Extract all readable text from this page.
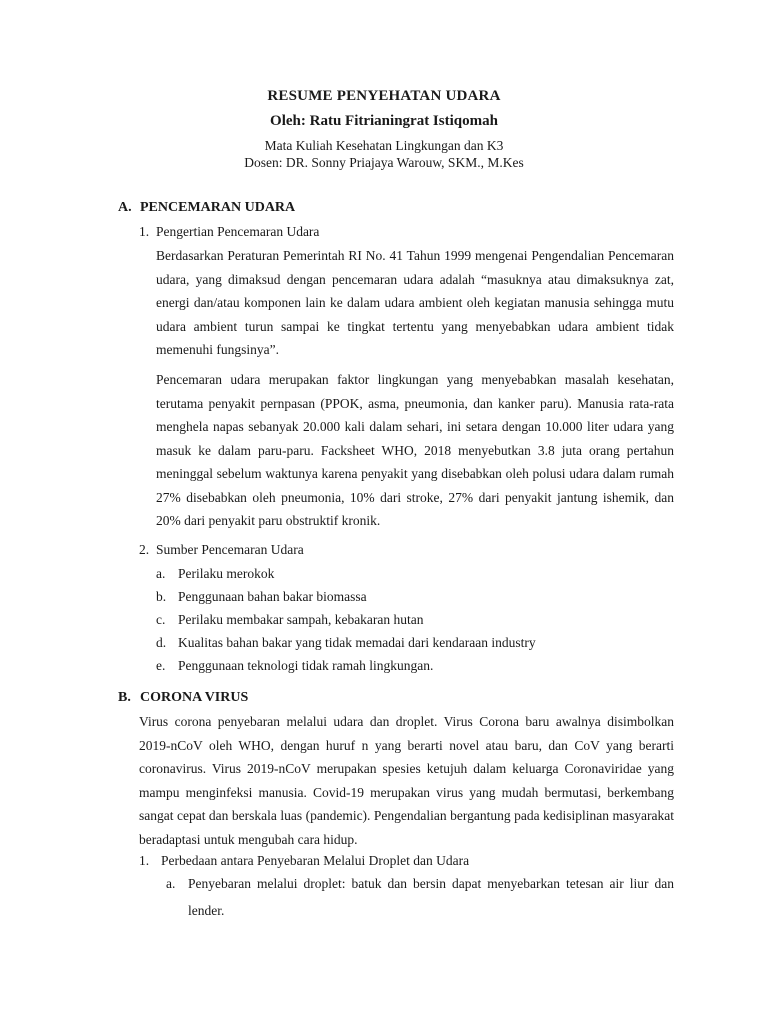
RESUME PENYEHATAN UDARA
Oleh: Ratu Fitrianingrat Istiqomah
Mata Kuliah Kesehatan Lingkungan dan K3
Dosen: DR. Sonny Priajaya Warouw, SKM., M.Kes
A. PENCEMARAN UDARA
1. Pengertian Pencemaran Udara

Berdasarkan Peraturan Pemerintah RI No. 41 Tahun 1999 mengenai Pengendalian Pencemaran udara, yang dimaksud dengan pencemaran udara adalah “masuknya atau dimaksuknya zat, energi dan/atau komponen lain ke dalam udara ambient oleh kegiatan manusia sehingga mutu udara ambient turun sampai ke tingkat tertentu yang menyebabkan udara ambient tidak memenuhi fungsinya”.

Pencemaran udara merupakan faktor lingkungan yang menyebabkan masalah kesehatan, terutama penyakit pernpasan (PPOK, asma, pneumonia, dan kanker paru). Manusia rata-rata menghela napas sebanyak 20.000 kali dalam sehari, ini setara dengan 10.000 liter udara yang masuk ke dalam paru-paru. Facksheet WHO, 2018 menyebutkan 3.8 juta orang pertahun meninggal sebelum waktunya karena penyakit yang disebabkan oleh polusi udara dalam rumah 27% disebabkan oleh pneumonia, 10% dari stroke, 27% dari penyakit jantung ishemik, dan 20% dari penyakit paru obstruktif kronik.

2. Sumber Pencemaran Udara
a. Perilaku merokok
b. Penggunaan bahan bakar biomassa
c. Perilaku membakar sampah, kebakaran hutan
d. Kualitas bahan bakar yang tidak memadai dari kendaraan industry
e. Penggunaan teknologi tidak ramah lingkungan.
B. CORONA VIRUS

Virus corona penyebaran melalui udara dan droplet. Virus Corona baru awalnya disimbolkan 2019-nCoV oleh WHO, dengan huruf n yang berarti novel atau baru, dan CoV yang berarti coronavirus. Virus 2019-nCoV merupakan spesies ketujuh dalam keluarga Coronaviridae yang mampu menginfeksi manusia. Covid-19 merupakan virus yang mudah bermutasi, berkembang sangat cepat dan berskala luas (pandemic). Pengendalian bergantung pada kedisiplinan masyarakat beradaptasi untuk mengubah cara hidup.

1. Perbedaan antara Penyebaran Melalui Droplet dan Udara
a. Penyebaran melalui droplet: batuk dan bersin dapat menyebarkan tetesan air liur dan lender.
